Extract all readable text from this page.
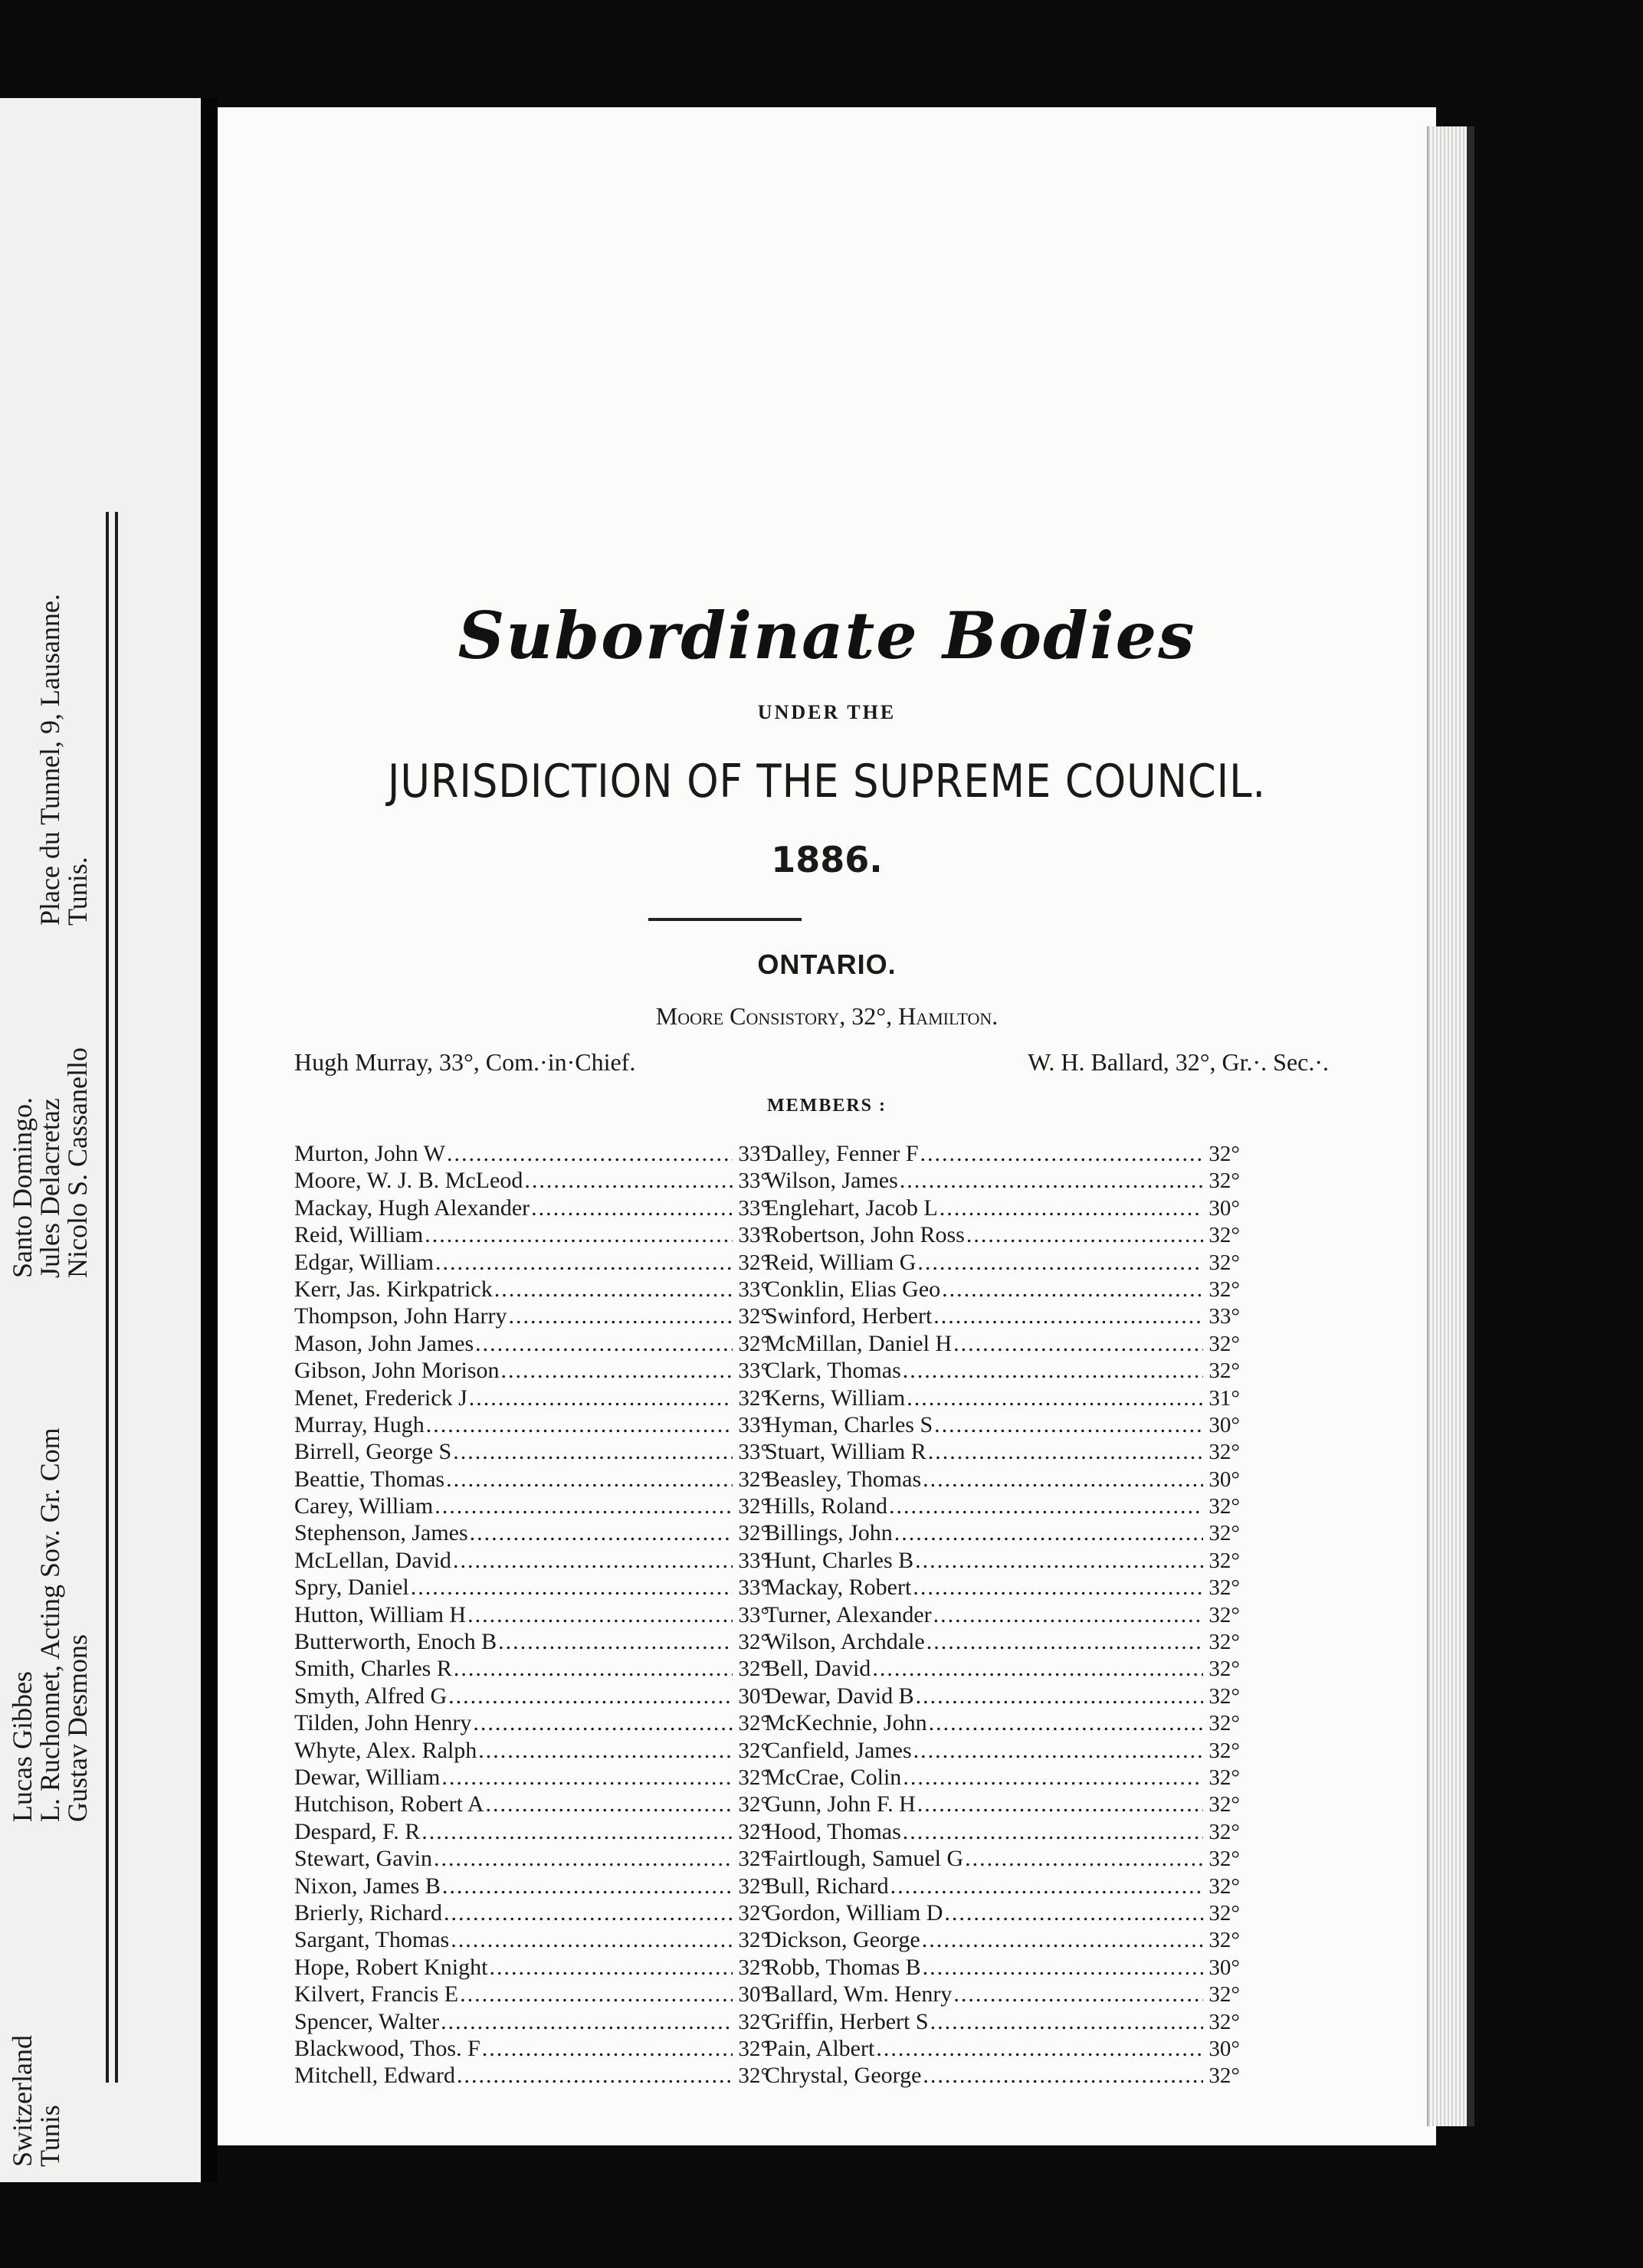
Switzerland
Lucas Gibbes
Santo Domingo.
Tunis
L. Ruchonnet, Acting Sov. Gr. Com
Jules Delacretaz
Place du Tunnel, 9, Lausanne.
Gustav Desmons
Nicolo S. Cassanello
Tunis.
Subordinate Bodies
UNDER THE
JURISDICTION OF THE SUPREME COUNCIL.
1886.
ONTARIO.
Moore Consistory, 32°, Hamilton.
Hugh Murray, 33°, Com.·in·Chief.	W. H. Ballard, 32°, Gr.·. Sec.·.
MEMBERS :
Murton, John W .....	33°
Moore, W. J. B. McLeod .....	33°
Mackay, Hugh Alexander .....	33°
Reid, William .....	33°
Edgar, William .....	32°
Kerr, Jas. Kirkpatrick .....	33°
Thompson, John Harry .....	32°
Mason, John James .....	32°
Gibson, John Morison .....	33°
Menet, Frederick J .....	32°
Murray, Hugh .....	33°
Birrell, George S .....	33°
Beattie, Thomas .....	32°
Carey, William .....	32°
Stephenson, James .....	32°
McLellan, David .....	33°
Spry, Daniel .....	33°
Hutton, William H .....	33°
Butterworth, Enoch B .....	32°
Smith, Charles R .....	32°
Smyth, Alfred G .....	30°
Tilden, John Henry .....	32°
Whyte, Alex. Ralph .....	32°
Dewar, William .....	32°
Hutchison, Robert A .....	32°
Despard, F. R .....	32°
Stewart, Gavin .....	32°
Nixon, James B .....	32°
Brierly, Richard .....	32°
Sargant, Thomas .....	32°
Hope, Robert Knight .....	32°
Kilvert, Francis E .....	30°
Spencer, Walter .....	32°
Blackwood, Thos. F .....	32°
Mitchell, Edward .....	32°
Dalley, Fenner F .....	32°
Wilson, James .....	32°
Englehart, Jacob L .....	30°
Robertson, John Ross .....	32°
Reid, William G .....	32°
Conklin, Elias Geo .....	32°
Swinford, Herbert .....	33°
McMillan, Daniel H .....	32°
Clark, Thomas .....	32°
Kerns, William .....	31°
Hyman, Charles S .....	30°
Stuart, William R .....	32°
Beasley, Thomas .....	30°
Hills, Roland .....	32°
Billings, John .....	32°
Hunt, Charles B .....	32°
Mackay, Robert .....	32°
Turner, Alexander .....	32°
Wilson, Archdale .....	32°
Bell, David .....	32°
Dewar, David B .....	32°
McKechnie, John .....	32°
Canfield, James .....	32°
McCrae, Colin .....	32°
Gunn, John F. H .....	32°
Hood, Thomas .....	32°
Fairtlough, Samuel G .....	32°
Bull, Richard .....	32°
Gordon, William D .....	32°
Dickson, George .....	32°
Robb, Thomas B .....	30°
Ballard, Wm. Henry .....	32°
Griffin, Herbert S .....	32°
Pain, Albert .....	30°
Chrystal, George .....	32°
